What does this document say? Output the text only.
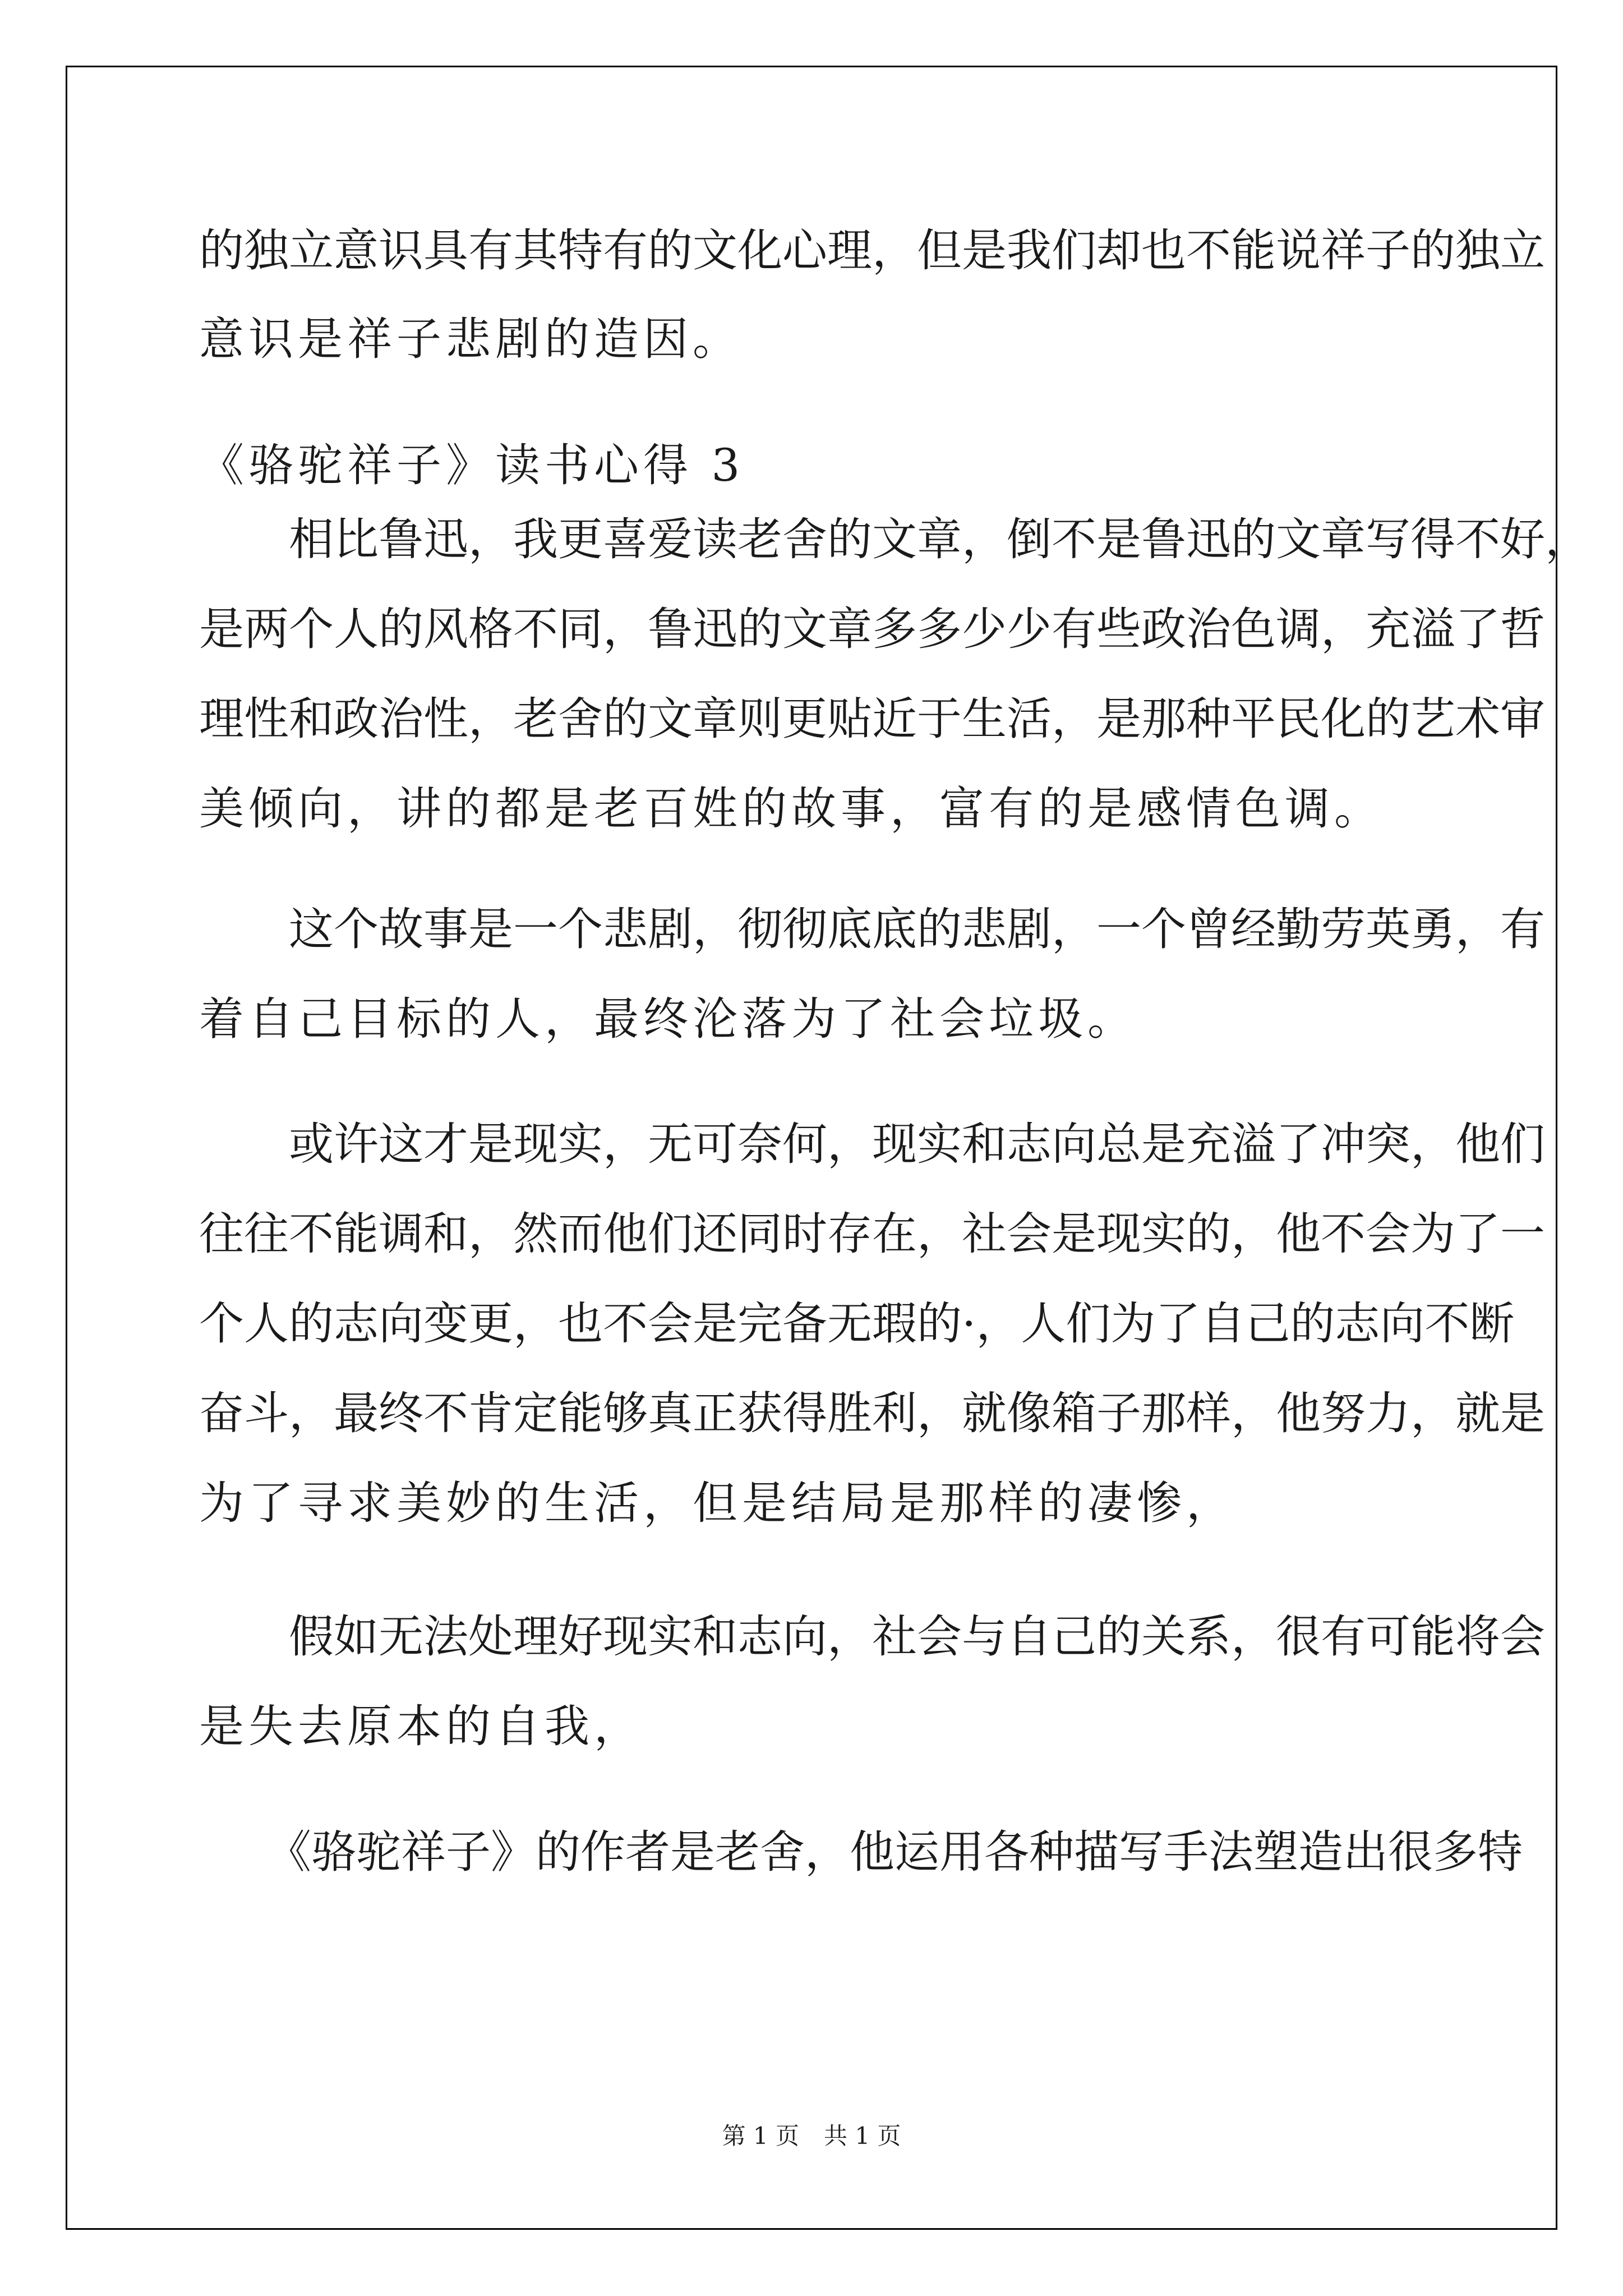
的独立意识具有其特有的文化心理，但是我们却也不能说祥子的独立
意识是祥子悲剧的造因。
《骆驼祥子》读书心得 3
　　相比鲁迅，我更喜爱读老舍的文章，倒不是鲁迅的文章写得不好，
是两个人的风格不同，鲁迅的文章多多少少有些政治色调，充溢了哲
理性和政治性，老舍的文章则更贴近于生活，是那种平民化的艺术审
美倾向，讲的都是老百姓的故事，富有的是感情色调。
　　这个故事是一个悲剧，彻彻底底的悲剧，一个曾经勤劳英勇，有
着自己目标的人，最终沦落为了社会垃圾。
　　或许这才是现实，无可奈何，现实和志向总是充溢了冲突，他们
往往不能调和，然而他们还同时存在，社会是现实的，他不会为了一
个人的志向变更，也不会是完备无瑕的·，人们为了自己的志向不断
奋斗，最终不肯定能够真正获得胜利，就像箱子那样，他努力，就是
为了寻求美妙的生活，但是结局是那样的凄惨，
　　假如无法处理好现实和志向，社会与自己的关系，很有可能将会
是失去原本的自我，
　　《骆驼祥子》的作者是老舍，他运用各种描写手法塑造出很多特
第 1 页 共 1 页
